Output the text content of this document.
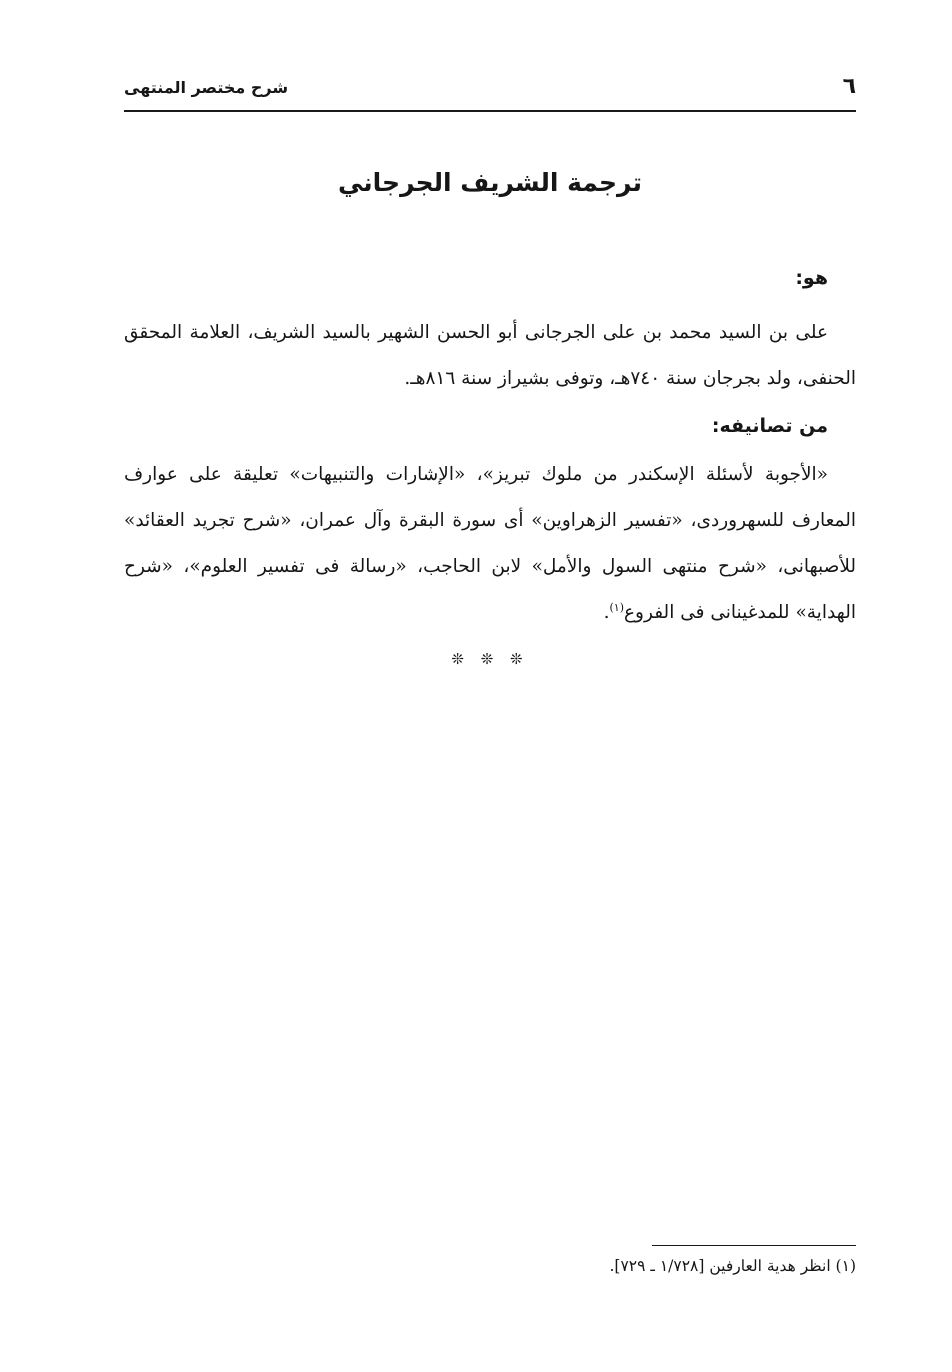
٦
شرح مختصر المنتهى
ترجمة الشريف الجرجاني

هو:

على بن السيد محمد بن على الجرجانى أبو الحسن الشهير بالسيد الشريف، العلامة المحقق الحنفى، ولد بجرجان سنة ٧٤٠هـ، وتوفى بشيراز سنة ٨١٦هـ.

من تصانيفه:

«الأجوبة لأسئلة الإسكندر من ملوك تبريز»، «الإشارات والتنبيهات» تعليقة على عوارف المعارف للسهروردى، «تفسير الزهراوين» أى سورة البقرة وآل عمران، «شرح تجريد العقائد» للأصبهانى، «شرح منتهى السول والأمل» لابن الحاجب، «رسالة فى تفسير العلوم»، «شرح الهداية» للمدغينانى فى الفروع$^{(١)}$.

❊ ❊ ❊
(١) انظر هدية العارفين [١/٧٢٨ ـ ٧٢٩].
